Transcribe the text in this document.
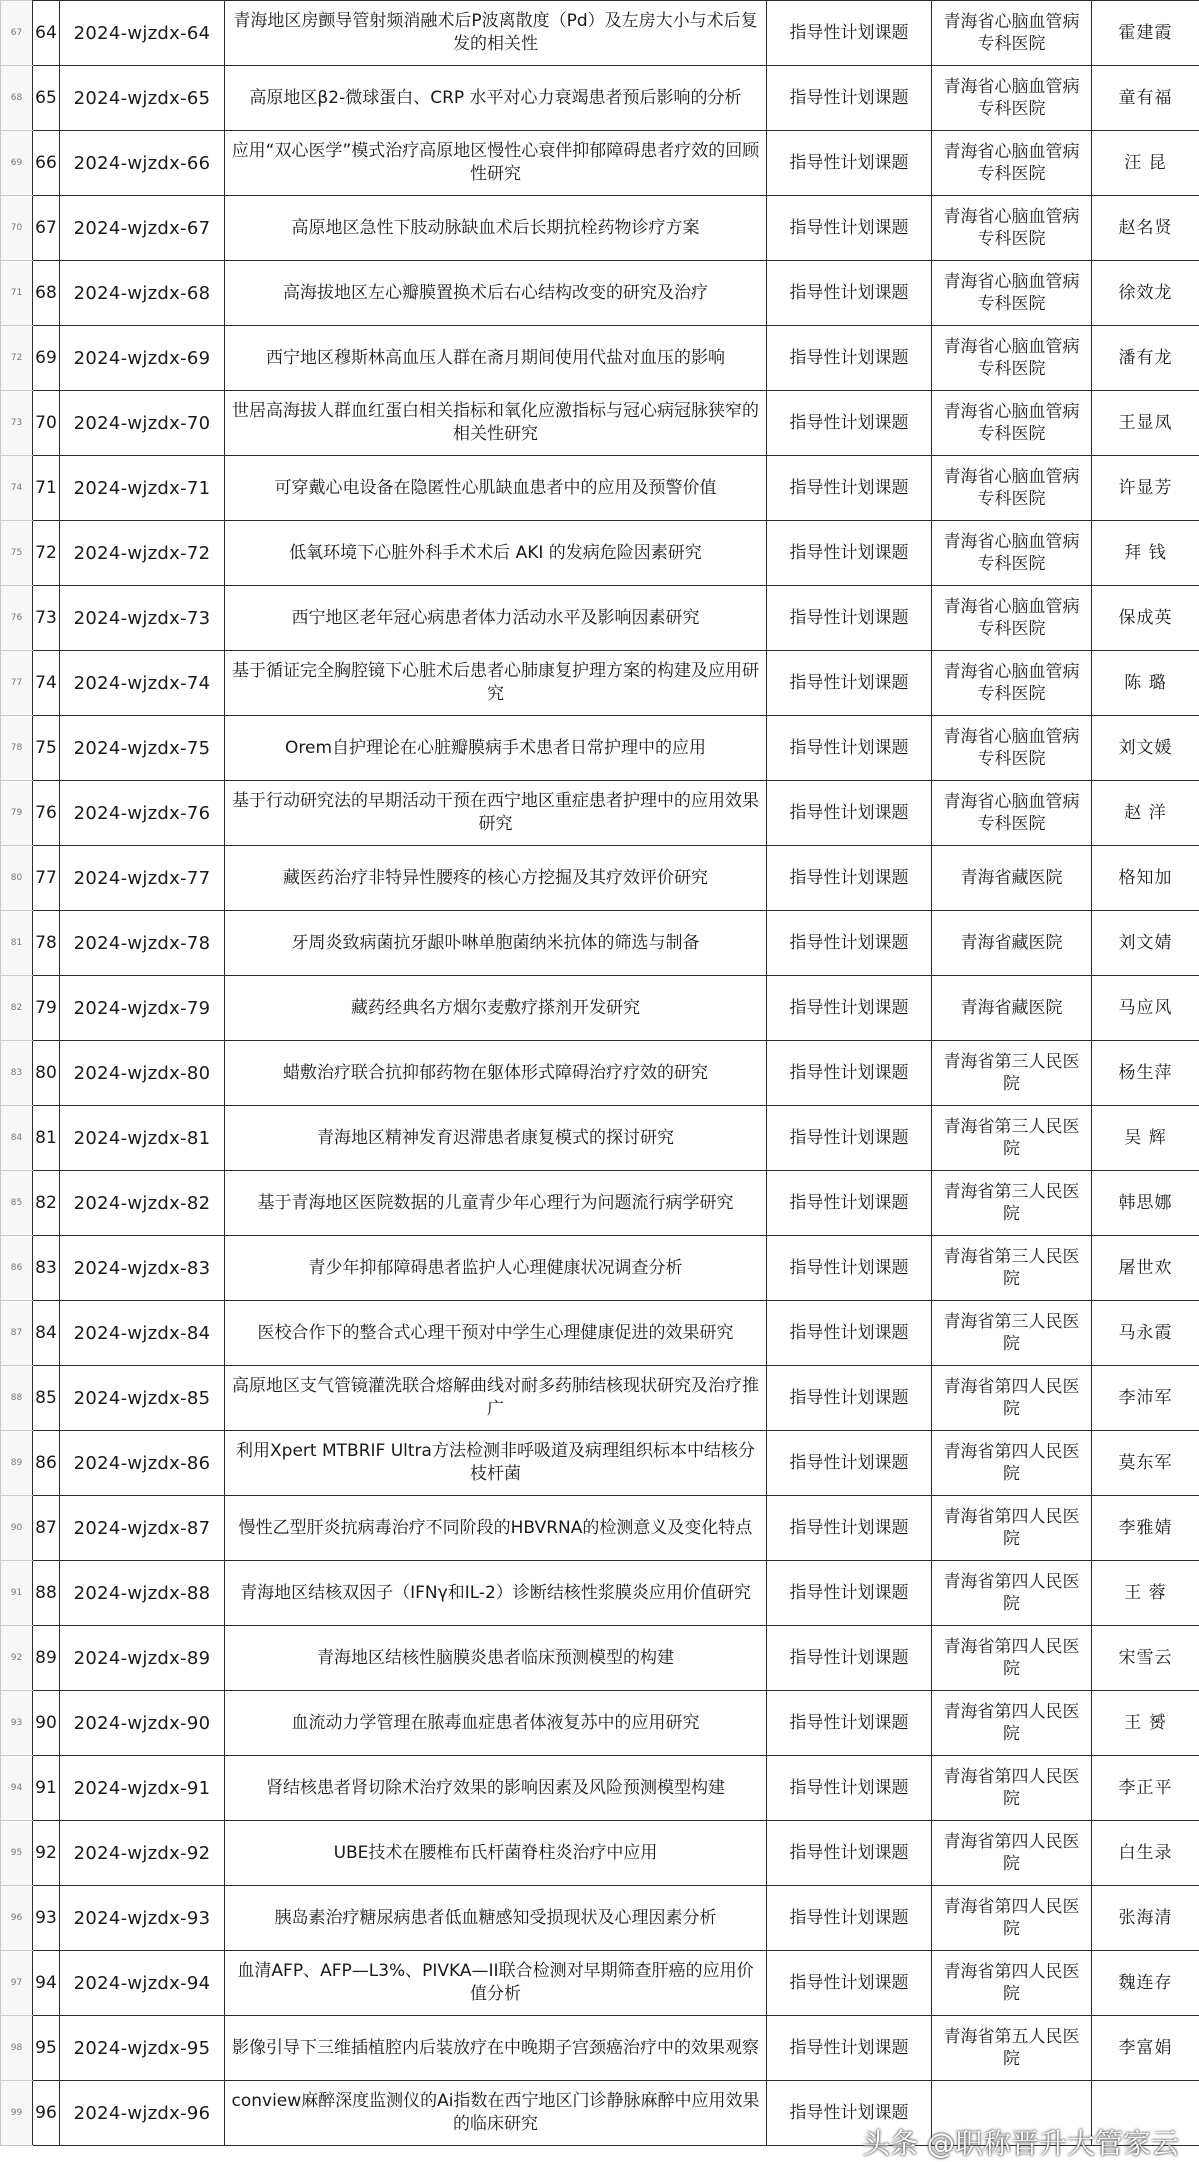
67	64	2024-wjzdx-64	青海地区房颤导管射频消融术后P波离散度（Pd）及左房大小与术后复发的相关性	指导性计划课题	青海省心脑血管病专科医院	霍建霞
68	65	2024-wjzdx-65	高原地区β2-微球蛋白、CRP 水平对心力衰竭患者预后影响的分析	指导性计划课题	青海省心脑血管病专科医院	童有福
69	66	2024-wjzdx-66	应用“双心医学”模式治疗高原地区慢性心衰伴抑郁障碍患者疗效的回顾性研究	指导性计划课题	青海省心脑血管病专科医院	汪 昆
70	67	2024-wjzdx-67	高原地区急性下肢动脉缺血术后长期抗栓药物诊疗方案	指导性计划课题	青海省心脑血管病专科医院	赵名贤
71	68	2024-wjzdx-68	高海拔地区左心瓣膜置换术后右心结构改变的研究及治疗	指导性计划课题	青海省心脑血管病专科医院	徐效龙
72	69	2024-wjzdx-69	西宁地区穆斯林高血压人群在斋月期间使用代盐对血压的影响	指导性计划课题	青海省心脑血管病专科医院	潘有龙
73	70	2024-wjzdx-70	世居高海拔人群血红蛋白相关指标和氧化应激指标与冠心病冠脉狭窄的相关性研究	指导性计划课题	青海省心脑血管病专科医院	王显凤
74	71	2024-wjzdx-71	可穿戴心电设备在隐匿性心肌缺血患者中的应用及预警价值	指导性计划课题	青海省心脑血管病专科医院	许显芳
75	72	2024-wjzdx-72	低氧环境下心脏外科手术术后 AKI 的发病危险因素研究	指导性计划课题	青海省心脑血管病专科医院	拜 钱
76	73	2024-wjzdx-73	西宁地区老年冠心病患者体力活动水平及影响因素研究	指导性计划课题	青海省心脑血管病专科医院	保成英
77	74	2024-wjzdx-74	基于循证完全胸腔镜下心脏术后患者心肺康复护理方案的构建及应用研究	指导性计划课题	青海省心脑血管病专科医院	陈 璐
78	75	2024-wjzdx-75	Orem自护理论在心脏瓣膜病手术患者日常护理中的应用	指导性计划课题	青海省心脑血管病专科医院	刘文媛
79	76	2024-wjzdx-76	基于行动研究法的早期活动干预在西宁地区重症患者护理中的应用效果研究	指导性计划课题	青海省心脑血管病专科医院	赵 洋
80	77	2024-wjzdx-77	藏医药治疗非特异性腰疼的核心方挖掘及其疗效评价研究	指导性计划课题	青海省藏医院	格知加
81	78	2024-wjzdx-78	牙周炎致病菌抗牙龈卟啉单胞菌纳米抗体的筛选与制备	指导性计划课题	青海省藏医院	刘文婧
82	79	2024-wjzdx-79	藏药经典名方烟尔麦敷疗搽剂开发研究	指导性计划课题	青海省藏医院	马应风
83	80	2024-wjzdx-80	蜡敷治疗联合抗抑郁药物在躯体形式障碍治疗疗效的研究	指导性计划课题	青海省第三人民医院	杨生萍
84	81	2024-wjzdx-81	青海地区精神发育迟滞患者康复模式的探讨研究	指导性计划课题	青海省第三人民医院	吴 辉
85	82	2024-wjzdx-82	基于青海地区医院数据的儿童青少年心理行为问题流行病学研究	指导性计划课题	青海省第三人民医院	韩思娜
86	83	2024-wjzdx-83	青少年抑郁障碍患者监护人心理健康状况调查分析	指导性计划课题	青海省第三人民医院	屠世欢
87	84	2024-wjzdx-84	医校合作下的整合式心理干预对中学生心理健康促进的效果研究	指导性计划课题	青海省第三人民医院	马永霞
88	85	2024-wjzdx-85	高原地区支气管镜灌洗联合熔解曲线对耐多药肺结核现状研究及治疗推广	指导性计划课题	青海省第四人民医院	李沛军
89	86	2024-wjzdx-86	利用Xpert MTBRIF Ultra方法检测非呼吸道及病理组织标本中结核分枝杆菌	指导性计划课题	青海省第四人民医院	莫东军
90	87	2024-wjzdx-87	慢性乙型肝炎抗病毒治疗不同阶段的HBVRNA的检测意义及变化特点	指导性计划课题	青海省第四人民医院	李雅婧
91	88	2024-wjzdx-88	青海地区结核双因子（IFNγ和IL-2）诊断结核性浆膜炎应用价值研究	指导性计划课题	青海省第四人民医院	王 蓉
92	89	2024-wjzdx-89	青海地区结核性脑膜炎患者临床预测模型的构建	指导性计划课题	青海省第四人民医院	宋雪云
93	90	2024-wjzdx-90	血流动力学管理在脓毒血症患者体液复苏中的应用研究	指导性计划课题	青海省第四人民医院	王 赟
94	91	2024-wjzdx-91	肾结核患者肾切除术治疗效果的影响因素及风险预测模型构建	指导性计划课题	青海省第四人民医院	李正平
95	92	2024-wjzdx-92	UBE技术在腰椎布氏杆菌脊柱炎治疗中应用	指导性计划课题	青海省第四人民医院	白生录
96	93	2024-wjzdx-93	胰岛素治疗糖尿病患者低血糖感知受损现状及心理因素分析	指导性计划课题	青海省第四人民医院	张海清
97	94	2024-wjzdx-94	血清AFP、AFP—L3%、PIVKA—II联合检测对早期筛查肝癌的应用价值分析	指导性计划课题	青海省第四人民医院	魏连存
98	95	2024-wjzdx-95	影像引导下三维插植腔内后装放疗在中晚期子宫颈癌治疗中的效果观察	指导性计划课题	青海省第五人民医院	李富娟
99	96	2024-wjzdx-96	conview麻醉深度监测仪的Ai指数在西宁地区门诊静脉麻醉中应用效果的临床研究	指导性计划课题		
头条 @职称晋升大管家云
